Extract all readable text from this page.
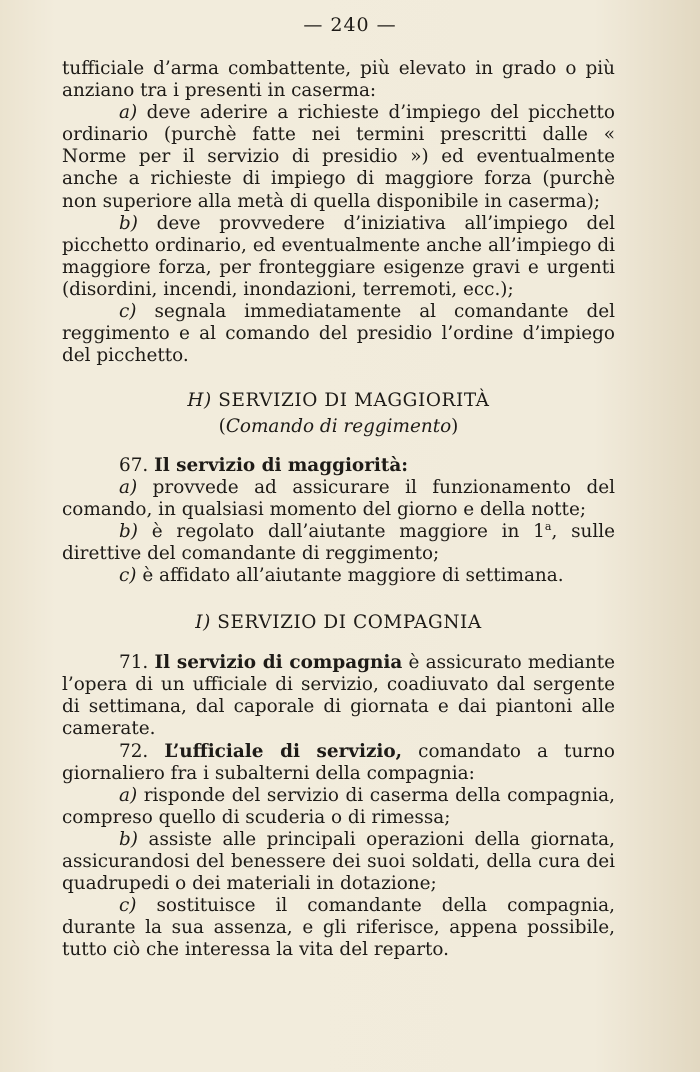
— 240 —

tufficiale d’arma combattente, più elevato in grado o più anziano tra i presenti in caserma:

a) deve aderire a richieste d’impiego del picchetto ordinario (purchè fatte nei termini prescritti dalle « Norme per il servizio di presidio ») ed eventualmente anche a richieste di impiego di maggiore forza (purchè non superiore alla metà di quella disponibile in caserma);

b) deve provvedere d’iniziativa all’impiego del picchetto ordinario, ed eventualmente anche all’impiego di maggiore forza, per fronteggiare esigenze gravi e urgenti (disordini, incendi, inondazioni, terremoti, ecc.);

c) segnala immediatamente al comandante del reggimento e al comando del presidio l’ordine d’impiego del picchetto.

H) SERVIZIO DI MAGGIORITÀ

(Comando di reggimento)

67. Il servizio di maggiorità:

a) provvede ad assicurare il funzionamento del comando, in qualsiasi momento del giorno e della notte;

b) è regolato dall’aiutante maggiore in 1$^a$, sulle direttive del comandante di reggimento;

c) è affidato all’aiutante maggiore di settimana.

I) SERVIZIO DI COMPAGNIA

71. Il servizio di compagnia è assicurato mediante l’opera di un ufficiale di servizio, coadiuvato dal sergente di settimana, dal caporale di giornata e dai piantoni alle camerate.

72. L’ufficiale di servizio, comandato a turno giornaliero fra i subalterni della compagnia:

a) risponde del servizio di caserma della compagnia, compreso quello di scuderia o di rimessa;

b) assiste alle principali operazioni della giornata, assicurandosi del benessere dei suoi soldati, della cura dei quadrupedi o dei materiali in dotazione;

c) sostituisce il comandante della compagnia, durante la sua assenza, e gli riferisce, appena possibile, tutto ciò che interessa la vita del reparto.
